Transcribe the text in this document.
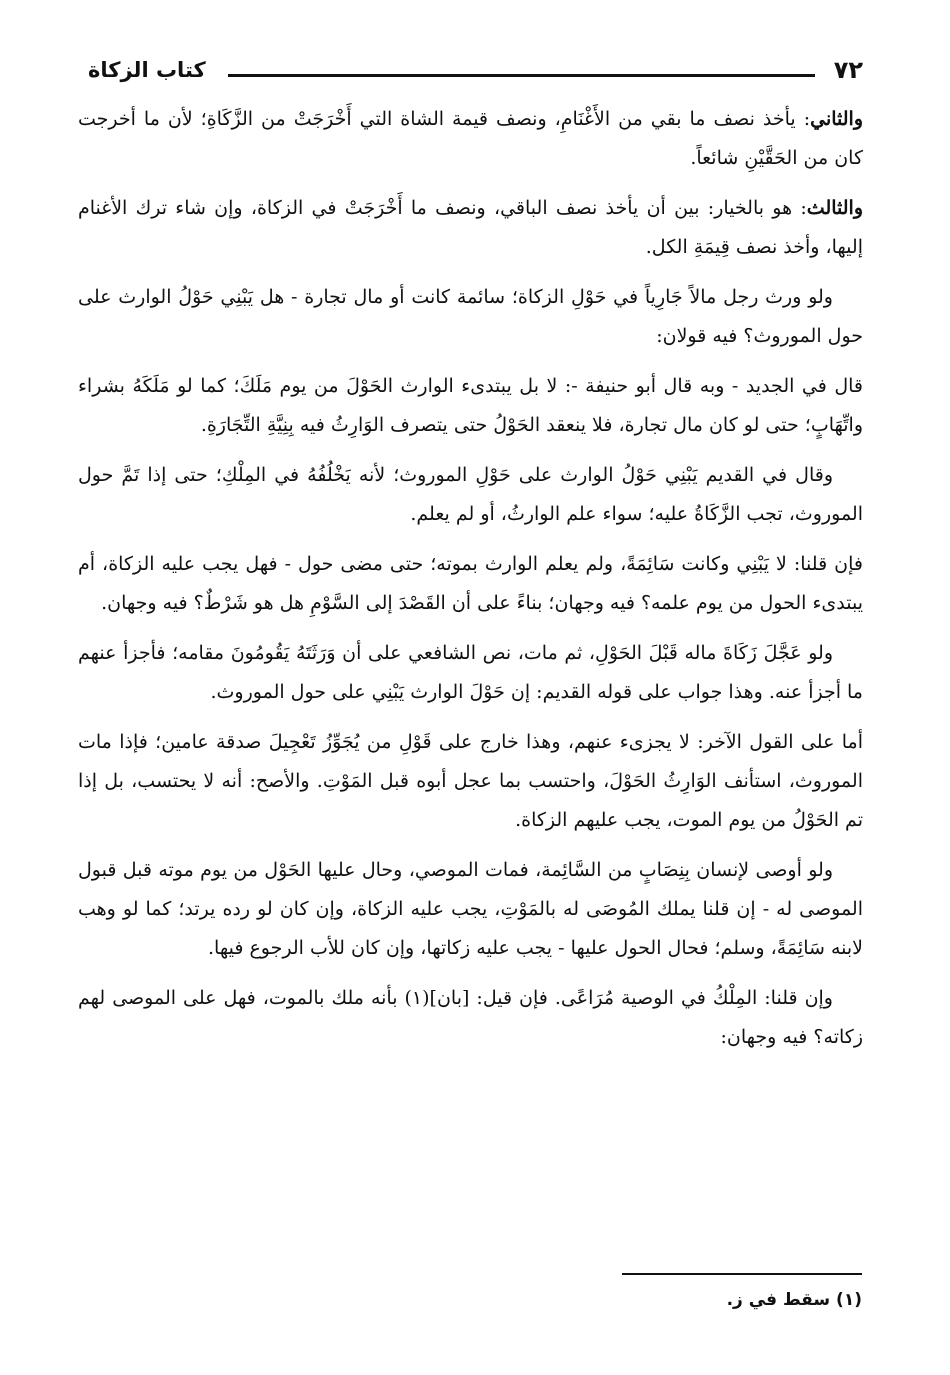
٧٢
كتاب الزكاة

والثاني: يأخذ نصف ما بقي من الأَغْنَامِ، ونصف قيمة الشاة التي أَخْرَجَتْ من الزَّكَاةِ؛ لأن ما أخرجت كان من الحَقَّيْنِ شائعاً.

والثالث: هو بالخيار: بين أن يأخذ نصف الباقي، ونصف ما أَخْرَجَتْ في الزكاة، وإن شاء ترك الأغنام إليها، وأخذ نصف قِيمَةِ الكل.

ولو ورث رجل مالاً جَارِياً في حَوْلِ الزكاة؛ سائمة كانت أو مال تجارة - هل يَبْنِي حَوْلُ الوارث على حول الموروث؟ فيه قولان:

قال في الجديد - وبه قال أبو حنيفة -: لا بل يبتدىء الوارث الحَوْلَ من يوم مَلَكَ؛ كما لو مَلَكَهُ بشراء واتِّهَابٍ؛ حتى لو كان مال تجارة، فلا ينعقد الحَوْلُ حتى يتصرف الوَارِثُ فيه بِنِيَّةِ التِّجَارَةِ.

وقال في القديم يَبْنِي حَوْلُ الوارث على حَوْلِ الموروث؛ لأنه يَخْلُفُهُ في المِلْكِ؛ حتى إذا تَمَّ حول الموروث، تجب الزَّكَاةُ عليه؛ سواء علم الوارثُ، أو لم يعلم.

فإن قلنا: لا يَبْنِي وكانت سَائِمَةً، ولم يعلم الوارث بموته؛ حتى مضى حول - فهل يجب عليه الزكاة، أم يبتدىء الحول من يوم علمه؟ فيه وجهان؛ بناءً على أن القَصْدَ إلى السَّوْمِ هل هو شَرْطٌ؟ فيه وجهان.

ولو عَجَّلَ زَكَاةَ ماله قَبْلَ الحَوْلِ، ثم مات، نص الشافعي على أن وَرَثَتَهُ يَقُومُونَ مقامه؛ فأجزأ عنهم ما أجزأ عنه. وهذا جواب على قوله القديم: إن حَوْلَ الوارث يَبْنِي على حول الموروث.

أما على القول الآخر: لا يجزىء عنهم، وهذا خارج على قَوْلِ من يُجَوِّزُ تَعْجِيلَ صدقة عامين؛ فإذا مات الموروث، استأنف الوَارِثُ الحَوْلَ، واحتسب بما عجل أبوه قبل المَوْتِ. والأصح: أنه لا يحتسب، بل إذا تم الحَوْلُ من يوم الموت، يجب عليهم الزكاة.

ولو أوصى لإنسان بِنِصَابٍ من السَّائِمة، فمات الموصي، وحال عليها الحَوْل من يوم موته قبل قبول الموصى له - إن قلنا يملك المُوصَى له بالمَوْتِ، يجب عليه الزكاة، وإن كان لو رده يرتد؛ كما لو وهب لابنه سَائِمَةً، وسلم؛ فحال الحول عليها - يجب عليه زكاتها، وإن كان للأب الرجوع فيها.

وإن قلنا: المِلْكُ في الوصية مُرَاعًى. فإن قيل: [بان](١) بأنه ملك بالموت، فهل على الموصى لهم زكاته؟ فيه وجهان:

(١) سقط في ز.
